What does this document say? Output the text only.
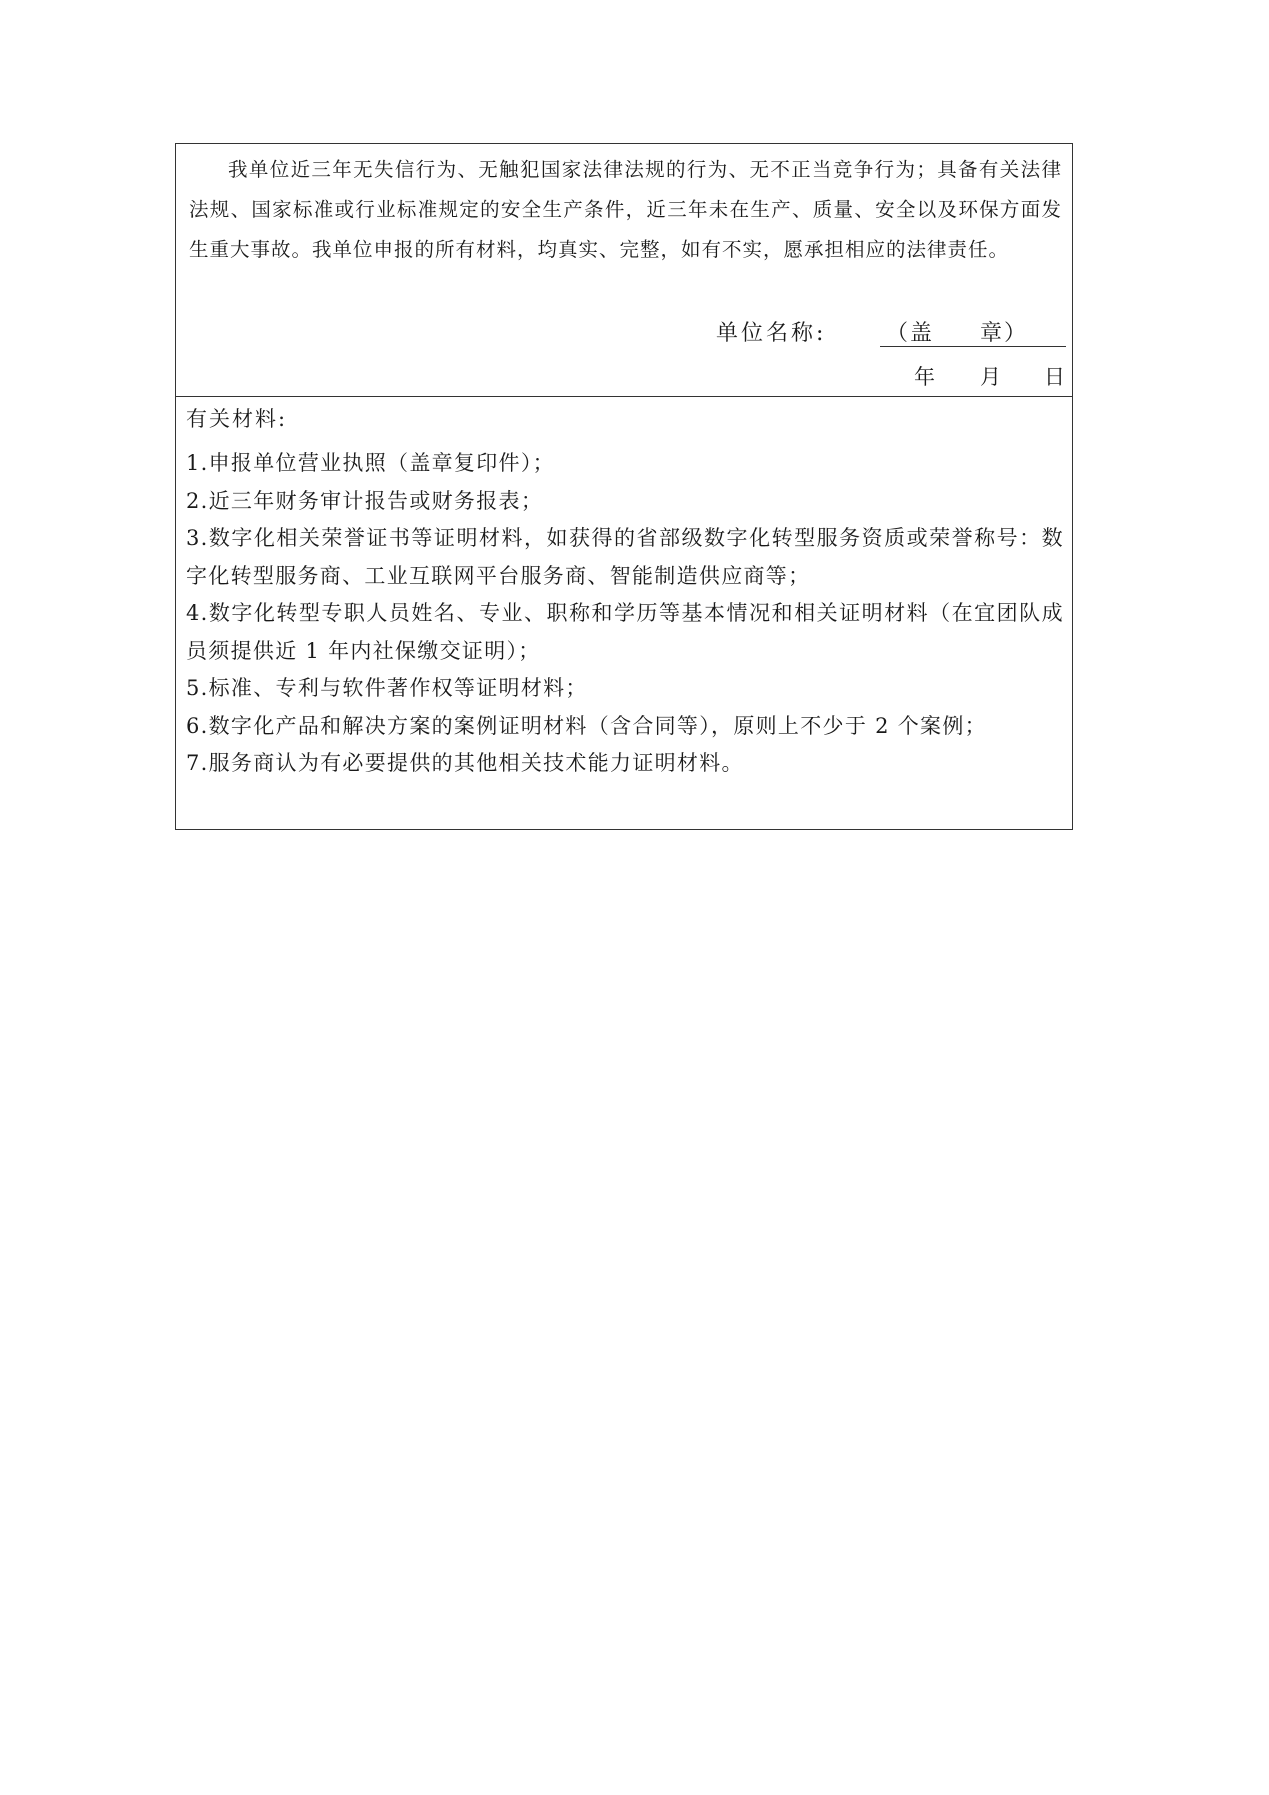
我单位近三年无失信行为、无触犯国家法律法规的行为、无不正当竞争行为；具备有关法律法规、国家标准或行业标准规定的安全生产条件，近三年未在生产、质量、安全以及环保方面发生重大事故。我单位申报的所有材料，均真实、完整，如有不实，愿承担相应的法律责任。

单位名称:	（盖 章）
年 月 日

有关材料:

1.申报单位营业执照（盖章复印件）；
2.近三年财务审计报告或财务报表；
3.数字化相关荣誉证书等证明材料，如获得的省部级数字化转型服务资质或荣誉称号：数字化转型服务商、工业互联网平台服务商、智能制造供应商等；
4.数字化转型专职人员姓名、专业、职称和学历等基本情况和相关证明材料（在宜团队成员须提供近 1 年内社保缴交证明）；
5.标准、专利与软件著作权等证明材料；
6.数字化产品和解决方案的案例证明材料（含合同等），原则上不少于 2 个案例；
7.服务商认为有必要提供的其他相关技术能力证明材料。
